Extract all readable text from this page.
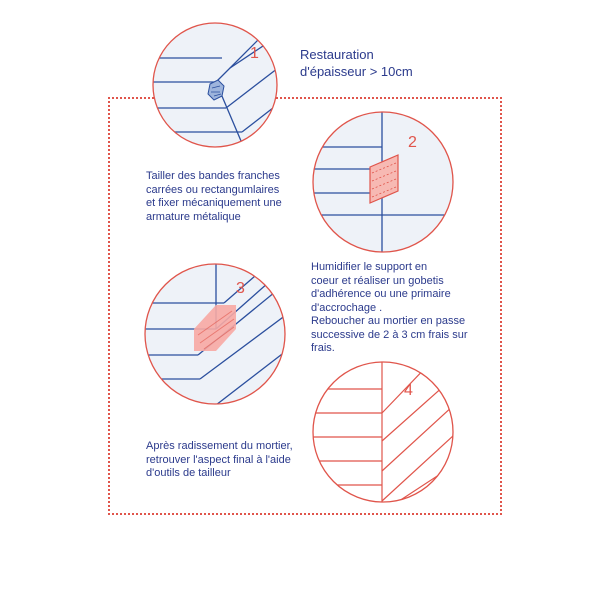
Restauration
d'épaisseur > 10cm
1
Tailler des bandes franches
carrées ou rectangumlaires
et fixer mécaniquement une
armature métalique
2
Humidifier le support en
coeur et réaliser un gobetis
d'adhérence ou une primaire
d'accrochage .
Reboucher au mortier en passe
successive de 2 à 3 cm frais sur
frais.
3
4
Après radissement du mortier,
retrouver l'aspect final à l'aide
d'outils de tailleur
